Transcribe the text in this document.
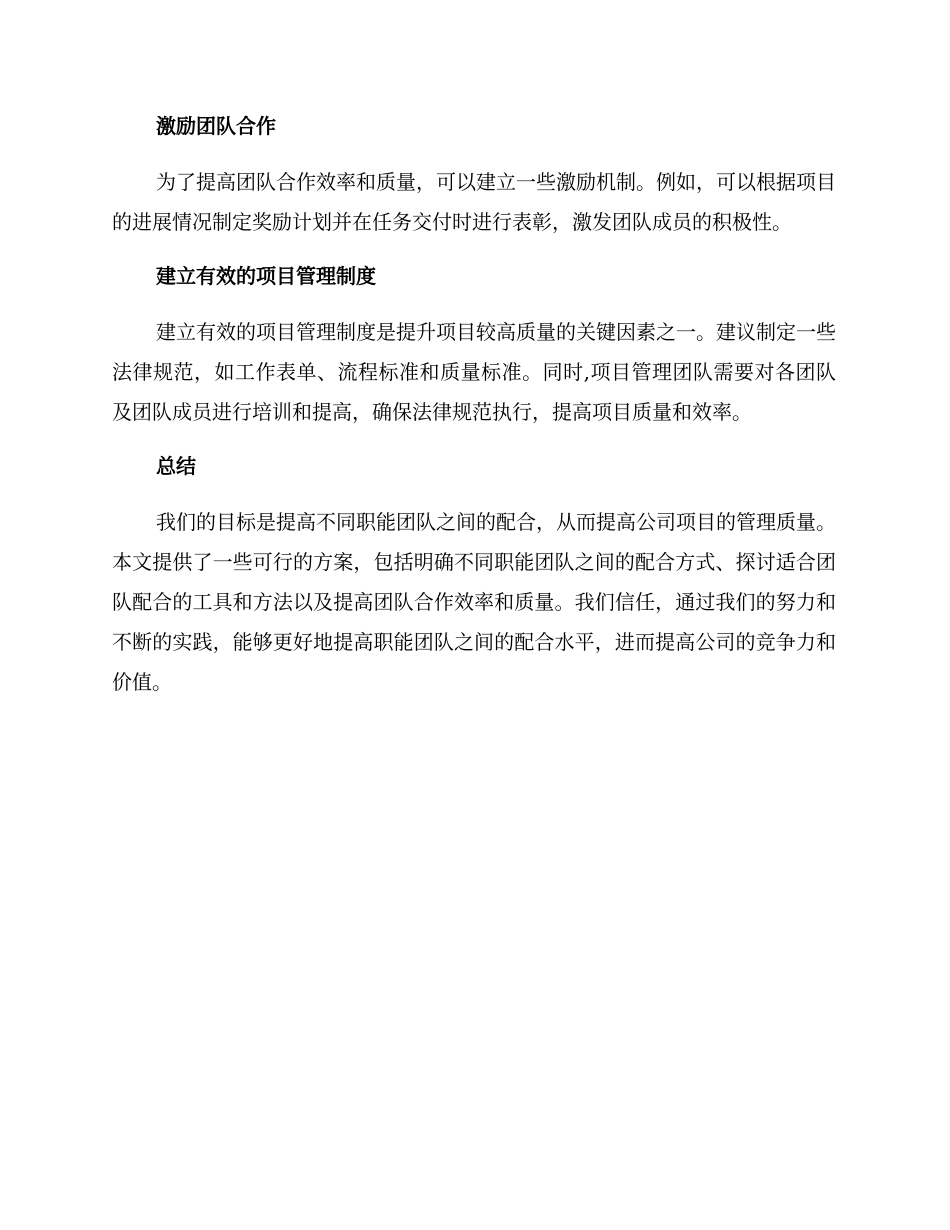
激励团队合作

为了提高团队合作效率和质量，可以建立一些激励机制。例如，可以根据项目的进展情况制定奖励计划并在任务交付时进行表彰，激发团队成员的积极性。

建立有效的项目管理制度

建立有效的项目管理制度是提升项目较高质量的关键因素之一。建议制定一些法律规范，如工作表单、流程标准和质量标准。同时,项目管理团队需要对各团队及团队成员进行培训和提高，确保法律规范执行，提高项目质量和效率。

总结

我们的目标是提高不同职能团队之间的配合，从而提高公司项目的管理质量。本文提供了一些可行的方案，包括明确不同职能团队之间的配合方式、探讨适合团队配合的工具和方法以及提高团队合作效率和质量。我们信任，通过我们的努力和不断的实践，能够更好地提高职能团队之间的配合水平，进而提高公司的竞争力和价值。
